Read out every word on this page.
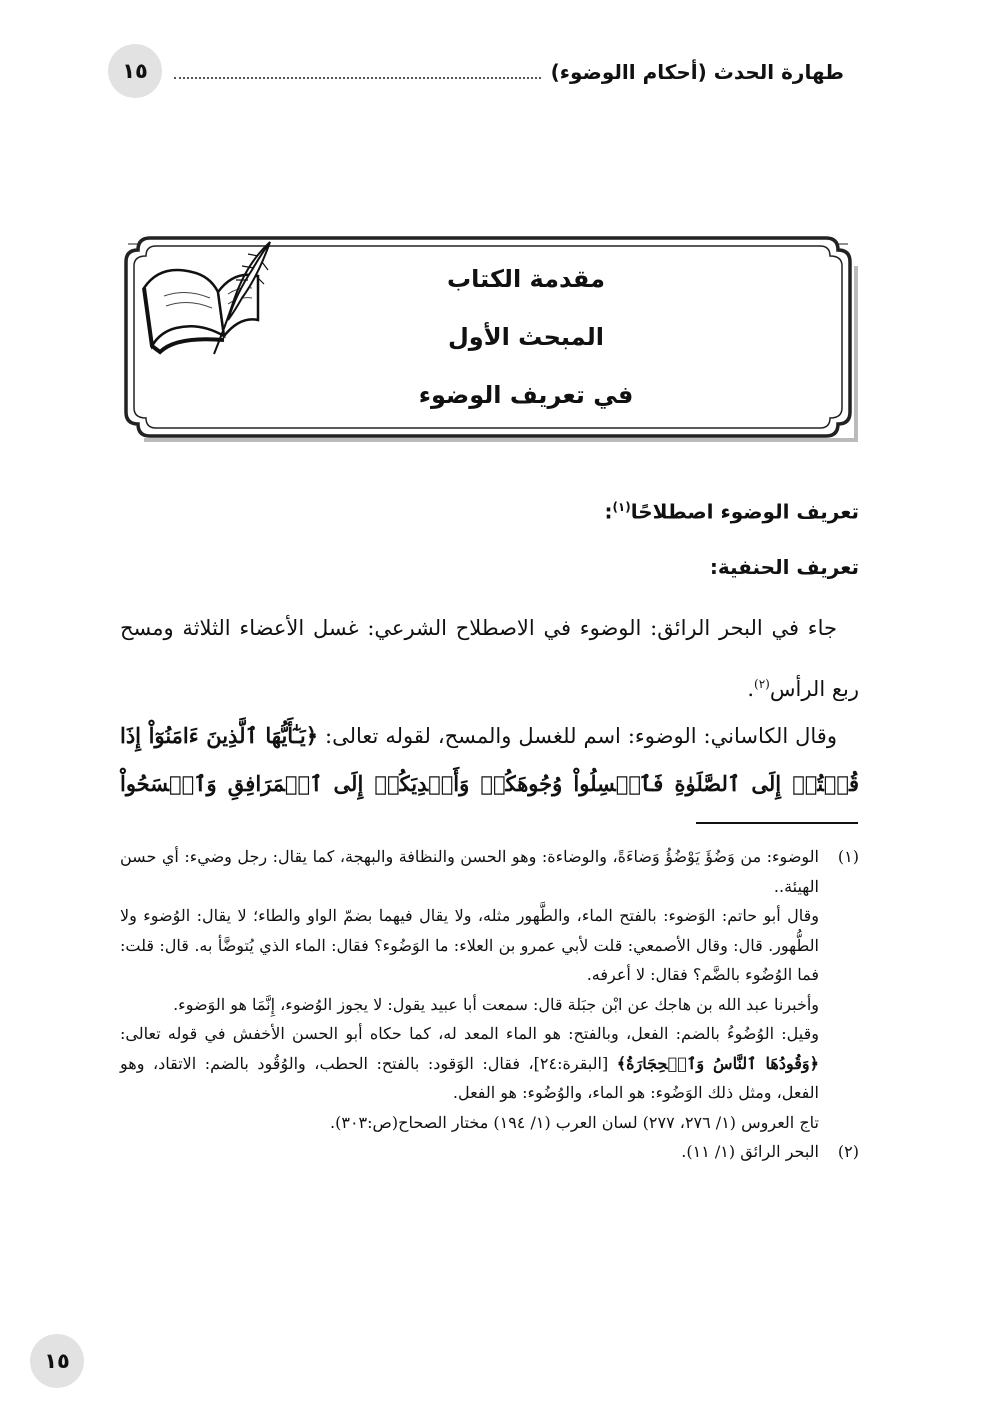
١٥	طهارة الحدث (أحكام االوضوء)
مقدمة الكتاب
المبحث الأول
في تعريف الوضوء
تعريف الوضوء اصطلاحًا$^{(١)}$:
تعريف الحنفية:
جاء في البحر الرائق: الوضوء في الاصطلاح الشرعي: غسل الأعضاء الثلاثة ومسح ربع الرأس$^{(٢)}$.
وقال الكاساني: الوضوء: اسم للغسل والمسح، لقوله تعالى: ﴿يَـٰٓأَيُّهَا ٱلَّذِينَ ءَامَنُوٓاْ إِذَا قُمۡتُمۡ إِلَى ٱلصَّلَوٰةِ فَٱغۡسِلُواْ وُجُوهَكُمۡ وَأَيۡدِيَكُمۡ إِلَى ٱلۡمَرَافِقِ وَٱمۡسَحُواْ
(١)

الوضوء: من وَضُؤَ يَوْضُؤُ وَضاءَةً، والوضاءة: وهو الحسن والنظافة والبهجة، كما يقال: رجل وضيء: أي حسن الهيئة..

وقال أبو حاتم: الوَضوء: بالفتح الماء، والطَّهور مثله، ولا يقال فيهما بضمّ الواو والطاء؛ لا يقال: الوُضوء ولا الطُّهور. قال: وقال الأصمعي: قلت لأبي عمرو بن العلاء: ما الوَضُوء؟ فقال: الماء الذي يُتوضَّأ به. قال: قلت: فما الوُضُوء بالضَّم؟ فقال: لا أعرفه.

وأخبرنا عبد الله بن هاجك عن ابْن جبَلة قال: سمعت أبا عبيد يقول: لا يجوز الوُضوء، إِنَّمَا هو الوَضوء.

وقيل: الوُضُوءُ بالضم: الفعل، وبالفتح: هو الماء المعد له، كما حكاه أبو الحسن الأخفش في قوله تعالى: ﴿وَقُودُهَا ٱلنَّاسُ وَٱلۡحِجَارَةُ﴾ [البقرة:٢٤]، فقال: الوَقود: بالفتح: الحطب، والوُقُود بالضم: الاتقاد، وهو الفعل، ومثل ذلك الوَضُوء: هو الماء، والوُضُوء: هو الفعل.

تاج العروس (١/ ٢٧٦، ٢٧٧) لسان العرب (١/ ١٩٤) مختار الصحاح(ص:٣٠٣).

(٢)

البحر الرائق (١/ ١١).

١٥
